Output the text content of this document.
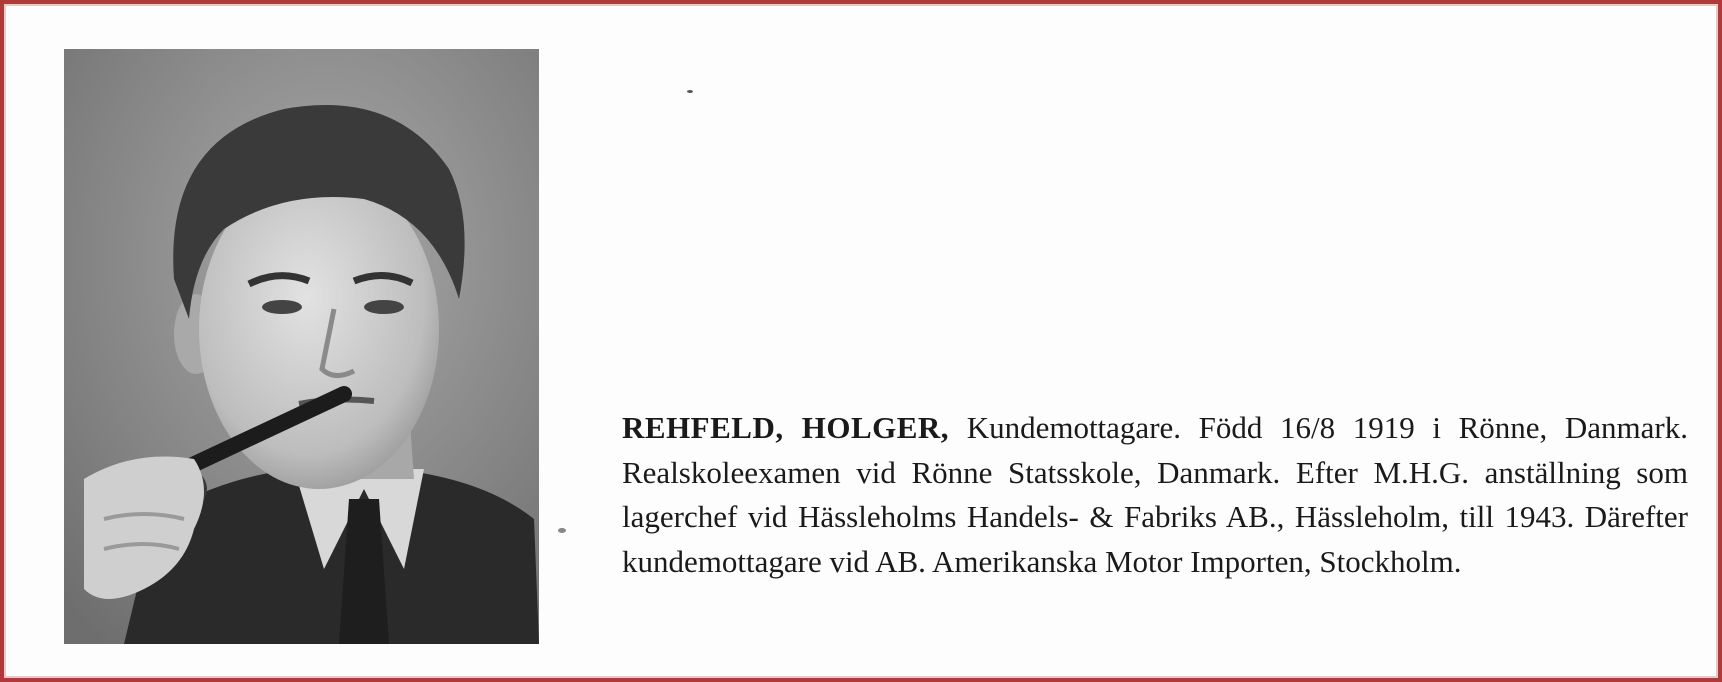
REHFELD, HOLGER, Kundemottagare. Född 16/8 1919 i Rönne, Danmark. Realskoleexamen vid Rönne Statsskole, Danmark. Efter M.H.G. anställning som lagerchef vid Hässleholms Handels- & Fabriks AB., Hässleholm, till 1943. Därefter kundemottagare vid AB. Amerikanska Motor Importen, Stockholm.
